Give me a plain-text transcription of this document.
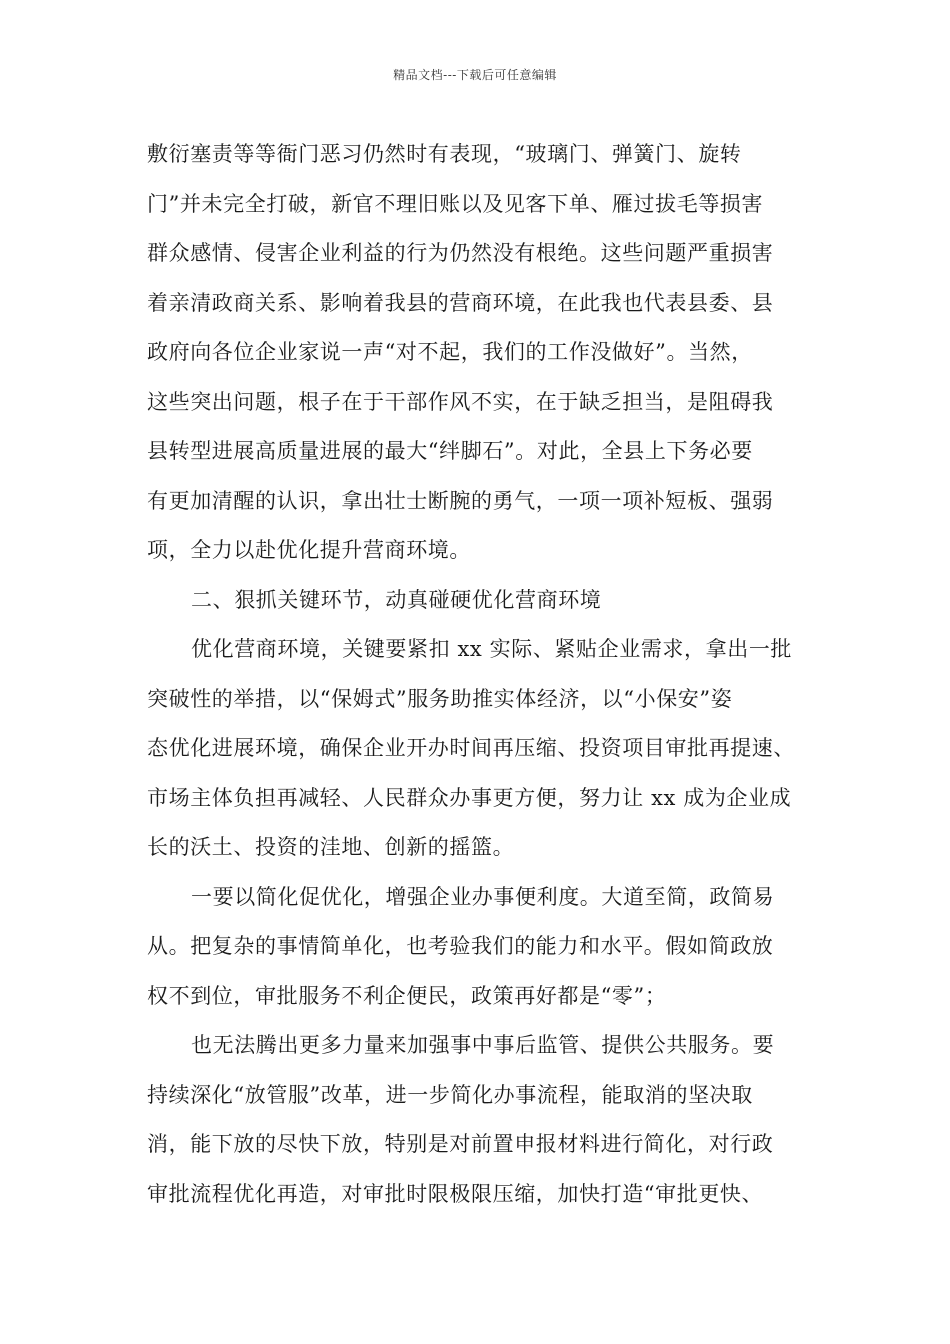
精品文档---下载后可任意编辑
敷衍塞责等等衙门恶习仍然时有表现，“玻璃门、弹簧门、旋转
门”并未完全打破，新官不理旧账以及见客下单、雁过拔毛等损害
群众感情、侵害企业利益的行为仍然没有根绝。这些问题严重损害
着亲清政商关系、影响着我县的营商环境，在此我也代表县委、县
政府向各位企业家说一声“对不起，我们的工作没做好”。当然，
这些突出问题，根子在于干部作风不实，在于缺乏担当，是阻碍我
县转型进展高质量进展的最大“绊脚石”。对此，全县上下务必要
有更加清醒的认识，拿出壮士断腕的勇气，一项一项补短板、强弱
项，全力以赴优化提升营商环境。
二、狠抓关键环节，动真碰硬优化营商环境
优化营商环境，关键要紧扣 xx 实际、紧贴企业需求，拿出一批
突破性的举措，以“保姆式”服务助推实体经济，以“小保安”姿
态优化进展环境，确保企业开办时间再压缩、投资项目审批再提速、
市场主体负担再减轻、人民群众办事更方便，努力让 xx 成为企业成
长的沃土、投资的洼地、创新的摇篮。
一要以简化促优化，增强企业办事便利度。大道至简，政简易
从。把复杂的事情简单化，也考验我们的能力和水平。假如简政放
权不到位，审批服务不利企便民，政策再好都是“零”；
也无法腾出更多力量来加强事中事后监管、提供公共服务。要
持续深化“放管服”改革，进一步简化办事流程，能取消的坚决取
消，能下放的尽快下放，特别是对前置申报材料进行简化，对行政
审批流程优化再造，对审批时限极限压缩，加快打造“审批更快、
